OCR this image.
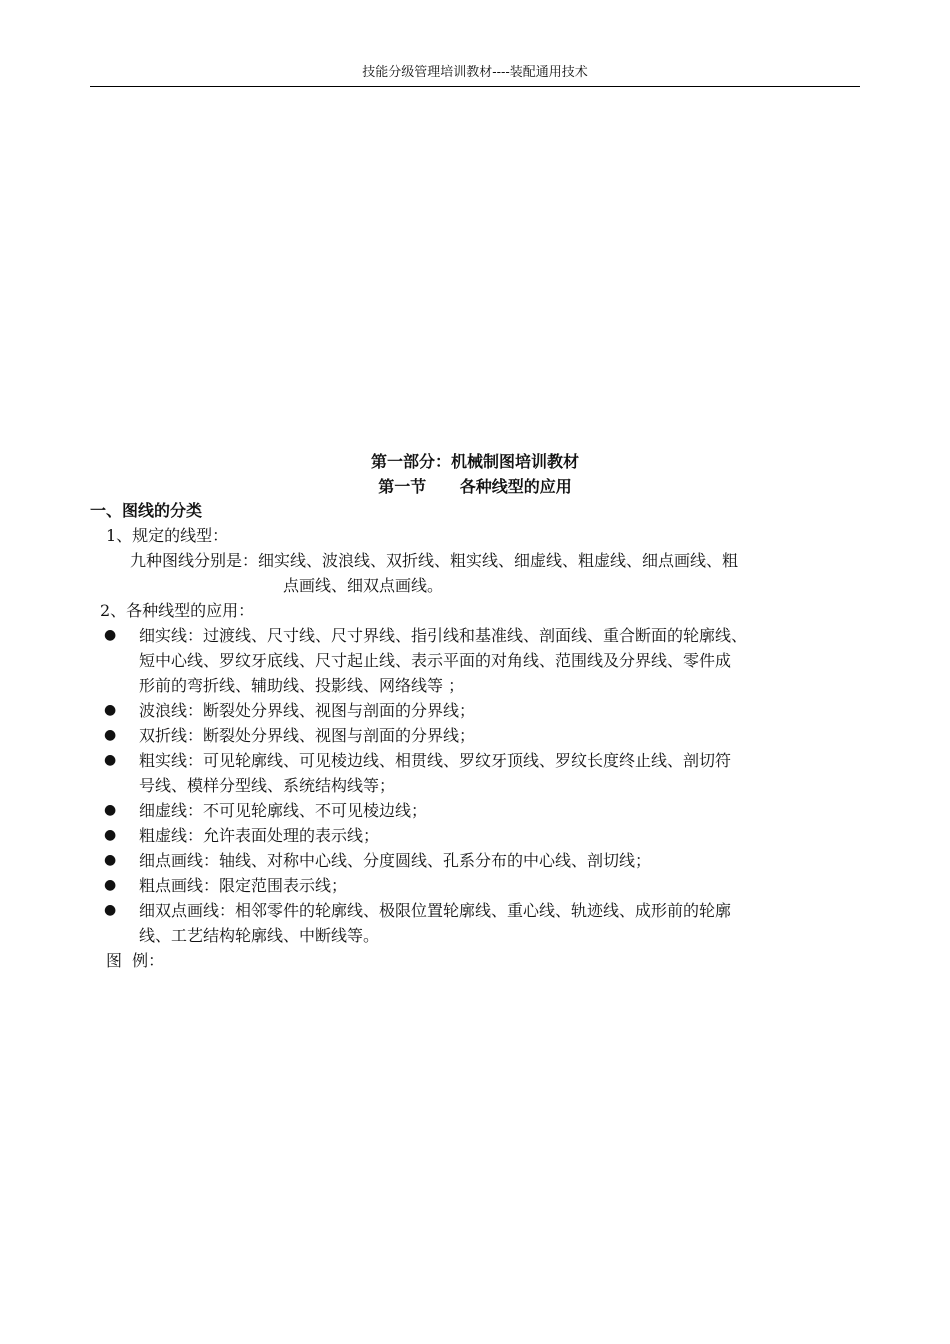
技能分级管理培训教材----装配通用技术
第一部分：机械制图培训教材
第一节      各种线型的应用
一、图线的分类
1、规定的线型：
九种图线分别是：细实线、波浪线、双折线、粗实线、细虚线、粗虚线、细点画线、粗
点画线、细双点画线。
2、各种线型的应用：
● 细实线：过渡线、尺寸线、尺寸界线、指引线和基准线、剖面线、重合断面的轮廓线、
短中心线、罗纹牙底线、尺寸起止线、表示平面的对角线、范围线及分界线、零件成
形前的弯折线、辅助线、投影线、网络线等 ；
● 波浪线：断裂处分界线、视图与剖面的分界线；
● 双折线：断裂处分界线、视图与剖面的分界线；
● 粗实线：可见轮廓线、可见棱边线、相贯线、罗纹牙顶线、罗纹长度终止线、剖切符
号线、模样分型线、系统结构线等；
● 细虚线：不可见轮廓线、不可见棱边线；
● 粗虚线：允许表面处理的表示线；
● 细点画线：轴线、对称中心线、分度圆线、孔系分布的中心线、剖切线；
● 粗点画线：限定范围表示线；
● 细双点画线：相邻零件的轮廓线、极限位置轮廓线、重心线、轨迹线、成形前的轮廓
线、工艺结构轮廓线、中断线等。
图  例：
